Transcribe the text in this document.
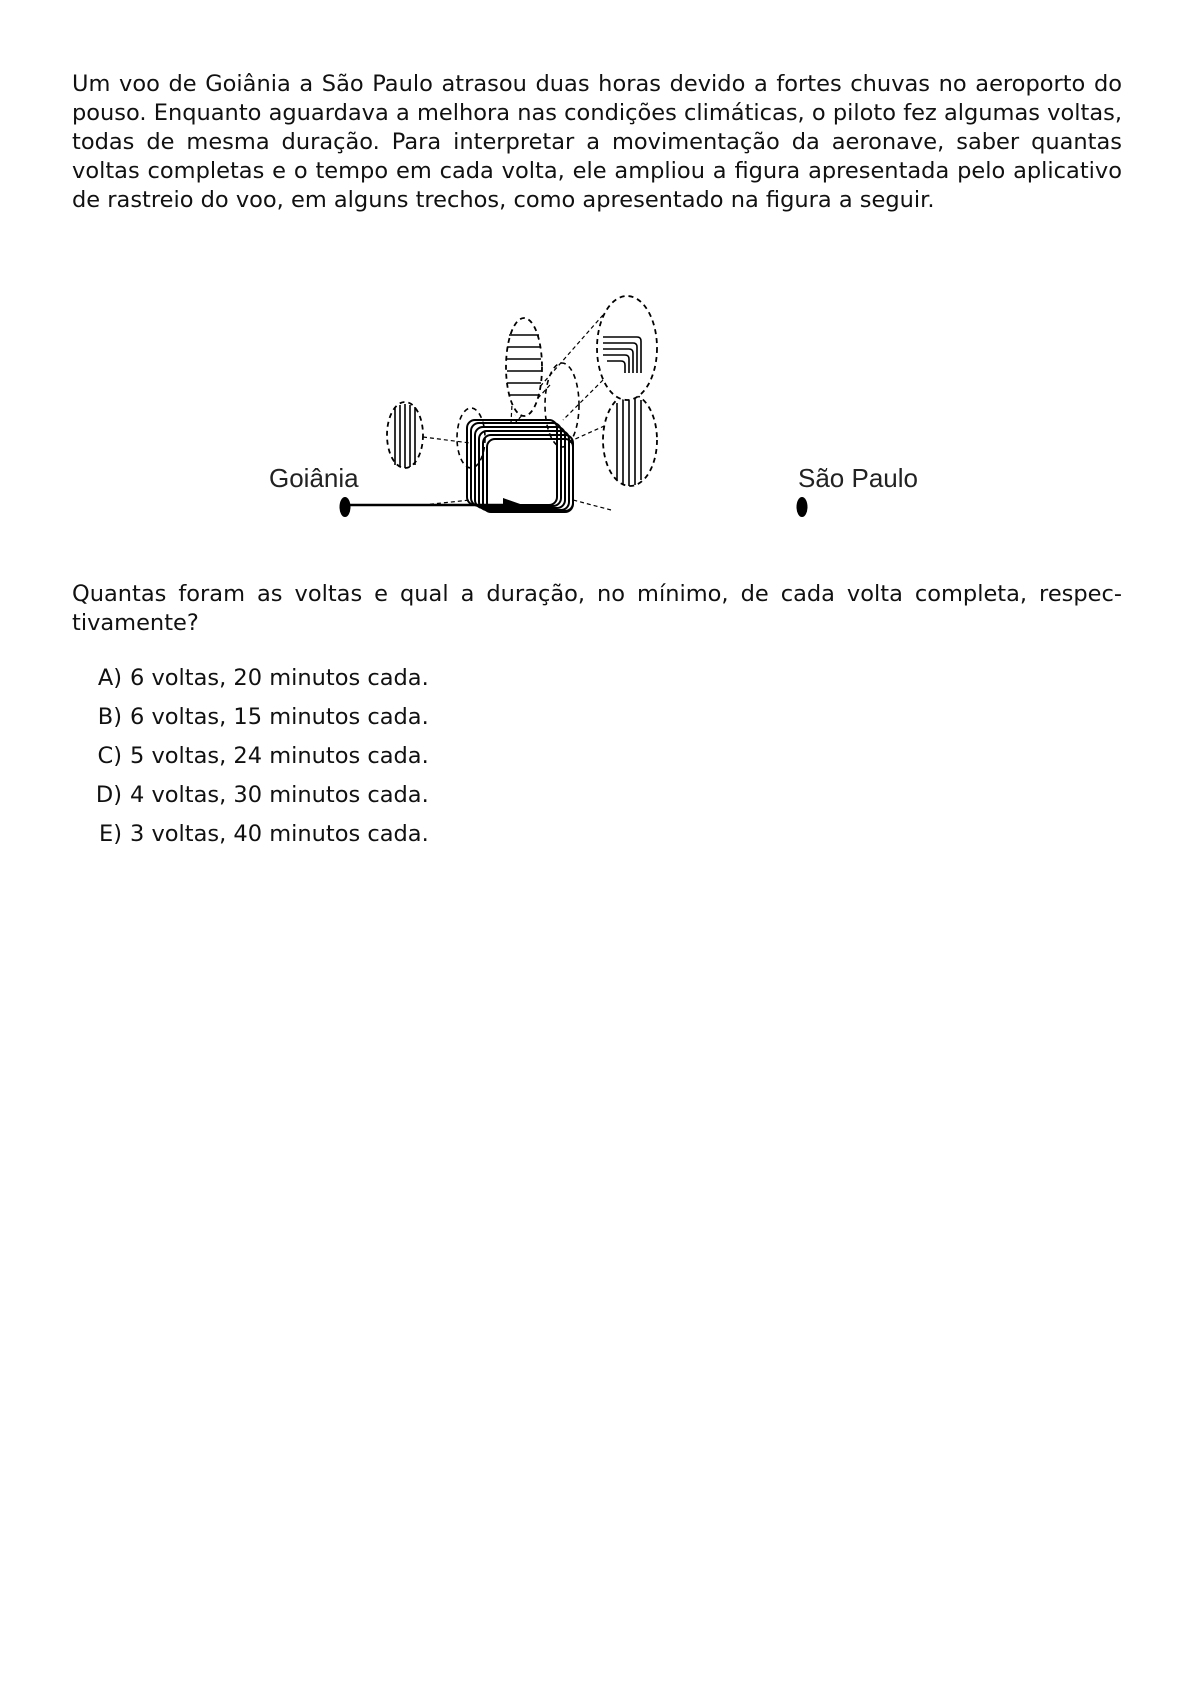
Um voo de Goiânia a São Paulo atrasou duas horas devido a fortes chuvas no aeroporto do pouso. Enquanto aguardava a melhora nas condições climáticas, o piloto fez algumas voltas, todas de mesma duração. Para interpretar a movimentação da aeronave, saber quantas voltas completas e o tempo em cada volta, ele ampliou a figura apresentada pelo aplicativo de rastreio do voo, em alguns trechos, como apresentado na figura a seguir.

Goiânia	São Paulo

Quantas foram as voltas e qual a duração, no mínimo, de cada volta completa, respec-tivamente?

A) 6 voltas, 20 minutos cada.
B) 6 voltas, 15 minutos cada.
C) 5 voltas, 24 minutos cada.
D) 4 voltas, 30 minutos cada.
E) 3 voltas, 40 minutos cada.
